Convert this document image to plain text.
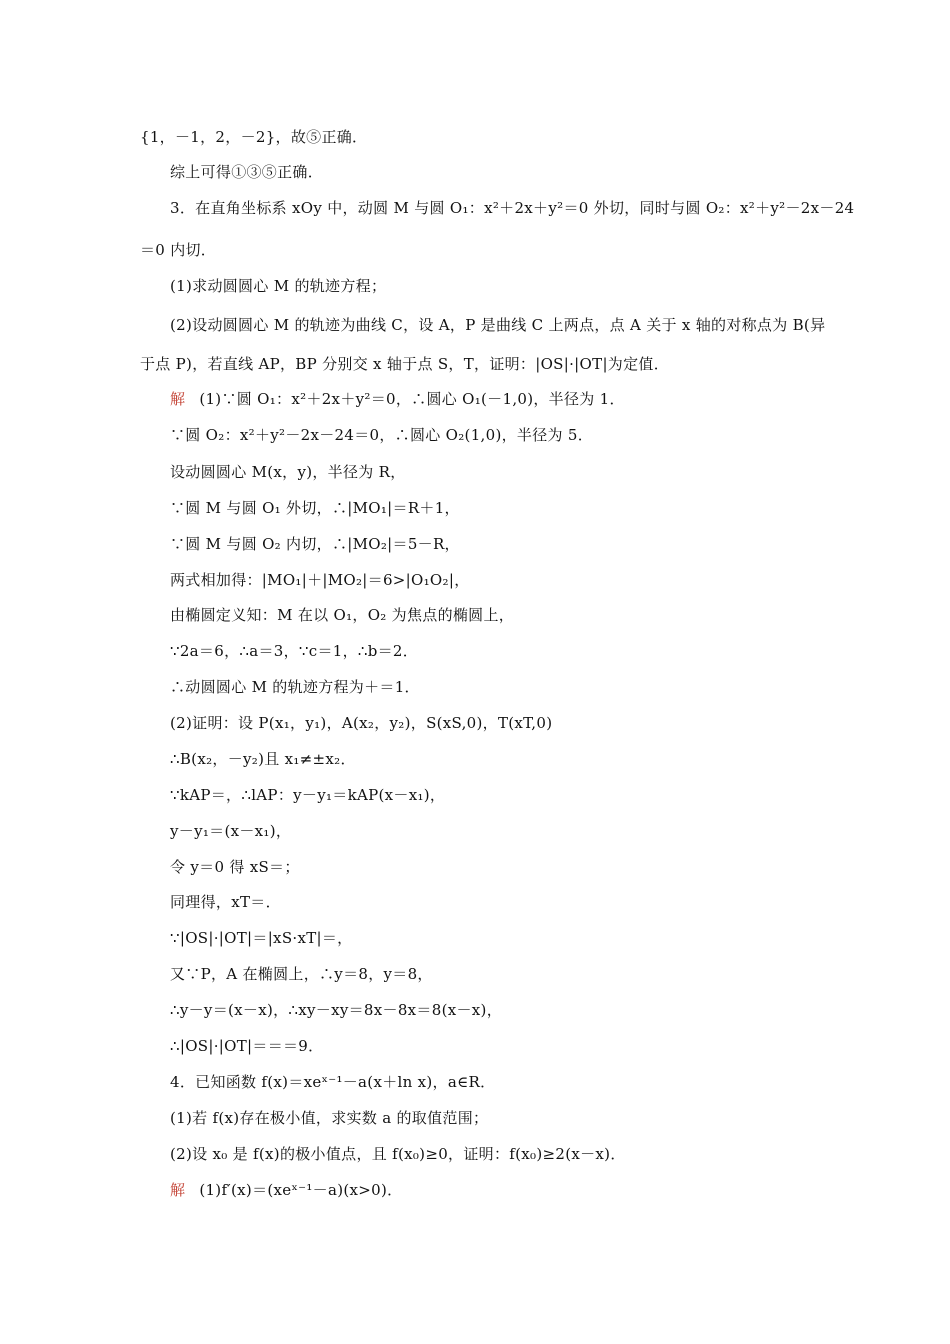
{1，－1，2，－2}，故⑤正确．
综上可得①③⑤正确．
3．在直角坐标系 xOy 中，动圆 M 与圆 O₁：x²＋2x＋y²＝0 外切，同时与圆 O₂：x²＋y²－2x－24
＝0 内切．
(1)求动圆圆心 M 的轨迹方程；
(2)设动圆圆心 M 的轨迹为曲线 C，设 A，P 是曲线 C 上两点，点 A 关于 x 轴的对称点为 B(异
于点 P)，若直线 AP，BP 分别交 x 轴于点 S，T，证明：|OS|·|OT|为定值．
解 (1)∵圆 O₁：x²＋2x＋y²＝0，∴圆心 O₁(－1,0)，半径为 1．
∵圆 O₂：x²＋y²－2x－24＝0，∴圆心 O₂(1,0)，半径为 5．
设动圆圆心 M(x，y)，半径为 R，
∵圆 M 与圆 O₁ 外切，∴|MO₁|＝R＋1，
∵圆 M 与圆 O₂ 内切，∴|MO₂|＝5－R，
两式相加得：|MO₁|＋|MO₂|＝6>|O₁O₂|，
由椭圆定义知：M 在以 O₁，O₂ 为焦点的椭圆上，
∵2a＝6，∴a＝3，∵c＝1，∴b＝2．
∴动圆圆心 M 的轨迹方程为＋＝1．
(2)证明：设 P(x₁，y₁)，A(x₂，y₂)，S(xS,0)，T(xT,0)
∴B(x₂，－y₂)且 x₁≠±x₂．
∵kAP＝，∴lAP：y－y₁＝kAP(x－x₁)，
y－y₁＝(x－x₁)，
令 y＝0 得 xS＝；
同理得，xT＝．
∵|OS|·|OT|＝|xS·xT|＝，
又∵P，A 在椭圆上，∴y＝8，y＝8，
∴y－y＝(x－x)，∴xy－xy＝8x－8x＝8(x－x)，
∴|OS|·|OT|＝＝＝9．
4．已知函数 f(x)＝xeˣ⁻¹－a(x＋ln x)，a∈R．
(1)若 f(x)存在极小值，求实数 a 的取值范围；
(2)设 x₀ 是 f(x)的极小值点，且 f(x₀)≥0，证明：f(x₀)≥2(x－x)．
解 (1)f′(x)＝(xeˣ⁻¹－a)(x>0)．
